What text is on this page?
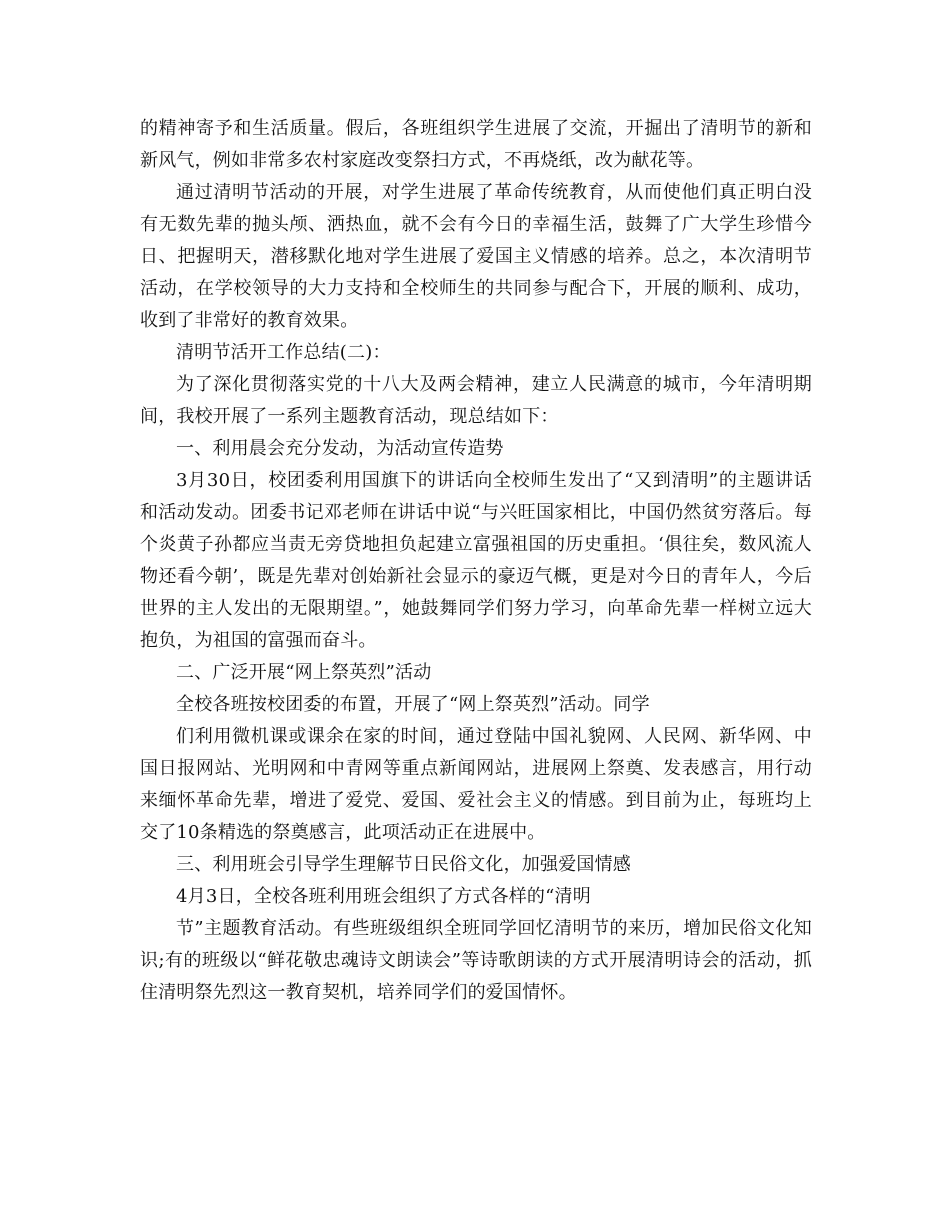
的精神寄予和生活质量。假后，各班组织学生进展了交流，开掘出了清明节的新和新风气，例如非常多农村家庭改变祭扫方式，不再烧纸，改为献花等。

通过清明节活动的开展，对学生进展了革命传统教育，从而使他们真正明白没有无数先辈的抛头颅、洒热血，就不会有今日的幸福生活，鼓舞了广大学生珍惜今日、把握明天，潜移默化地对学生进展了爱国主义情感的培养。总之，本次清明节活动，在学校领导的大力支持和全校师生的共同参与配合下，开展的顺利、成功，收到了非常好的教育效果。

清明节活开工作总结(二)：

为了深化贯彻落实党的十八大及两会精神，建立人民满意的城市，今年清明期间，我校开展了一系列主题教育活动，现总结如下：

一、利用晨会充分发动，为活动宣传造势

3月30日，校团委利用国旗下的讲话向全校师生发出了“又到清明”的主题讲话和活动发动。团委书记邓老师在讲话中说“与兴旺国家相比，中国仍然贫穷落后。每个炎黄子孙都应当责无旁贷地担负起建立富强祖国的历史重担。‘俱往矣，数风流人物还看今朝’，既是先辈对创始新社会显示的豪迈气概，更是对今日的青年人，今后世界的主人发出的无限期望。”，她鼓舞同学们努力学习，向革命先辈一样树立远大抱负，为祖国的富强而奋斗。

二、广泛开展“网上祭英烈”活动

全校各班按校团委的布置，开展了“网上祭英烈”活动。同学

们利用微机课或课余在家的时间，通过登陆中国礼貌网、人民网、新华网、中国日报网站、光明网和中青网等重点新闻网站，进展网上祭奠、发表感言，用行动来缅怀革命先辈，增进了爱党、爱国、爱社会主义的情感。到目前为止，每班均上交了10条精选的祭奠感言，此项活动正在进展中。

三、利用班会引导学生理解节日民俗文化，加强爱国情感

4月3日，全校各班利用班会组织了方式各样的“清明

节”主题教育活动。有些班级组织全班同学回忆清明节的来历，增加民俗文化知识;有的班级以“鲜花敬忠魂诗文朗读会”等诗歌朗读的方式开展清明诗会的活动，抓住清明祭先烈这一教育契机，培养同学们的爱国情怀。
